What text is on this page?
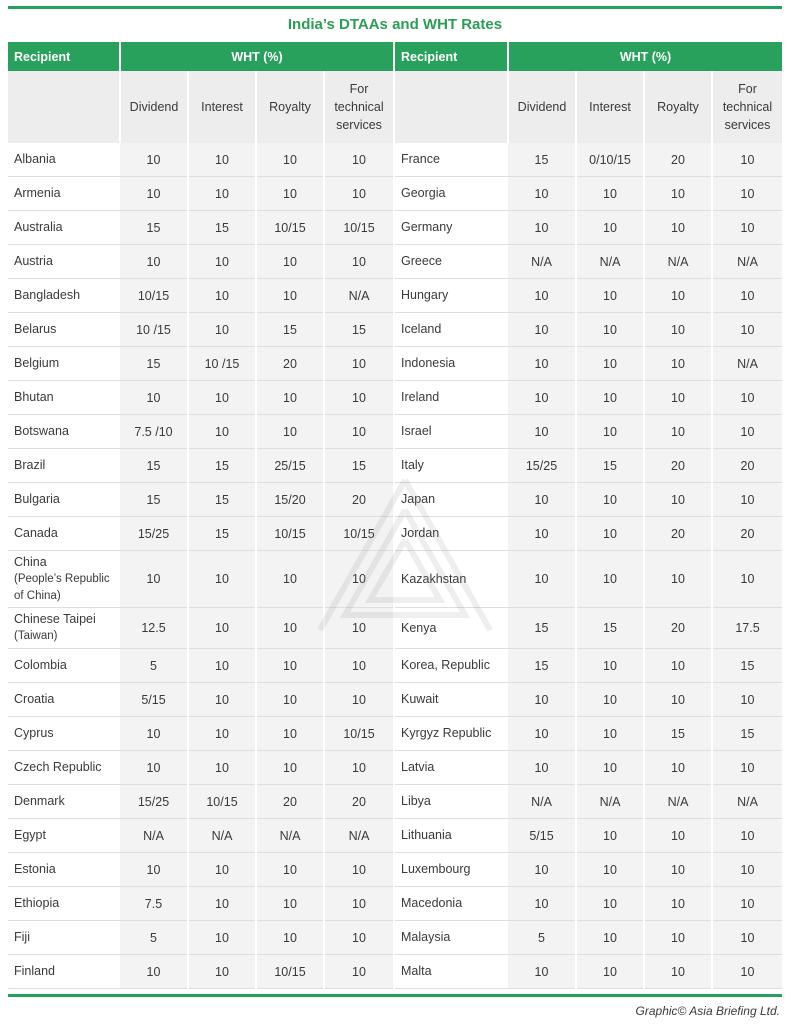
India’s DTAAs and WHT Rates
Recipient	WHT (%)				Recipient	WHT (%)			
	Dividend	Interest	Royalty	For technical services		Dividend	Interest	Royalty	For technical services

Albania	10	10	10	10	France	15	0/10/15	20	10

Armenia	10	10	10	10	Georgia	10	10	10	10

Australia	15	15	10/15	10/15	Germany	10	10	10	10

Austria	10	10	10	10	Greece	N/A	N/A	N/A	N/A

Bangladesh	10/15	10	10	N/A	Hungary	10	10	10	10

Belarus	10 /15	10	15	15	Iceland	10	10	10	10

Belgium	15	10 /15	20	10	Indonesia	10	10	10	N/A

Bhutan	10	10	10	10	Ireland	10	10	10	10

Botswana	7.5 /10	10	10	10	Israel	10	10	10	10

Brazil	15	15	25/15	15	Italy	15/25	15	20	20

Bulgaria	15	15	15/20	20	Japan	10	10	10	10

Canada	15/25	15	10/15	10/15	Jordan	10	10	20	20

China
(People’s Republic of China)	10	10	10	10	Kazakhstan	10	10	10	10

Chinese Taipei
(Taiwan)	12.5	10	10	10	Kenya	15	15	20	17.5

Colombia	5	10	10	10	Korea, Republic	15	10	10	15

Croatia	5/15	10	10	10	Kuwait	10	10	10	10

Cyprus	10	10	10	10/15	Kyrgyz Republic	10	10	15	15

Czech Republic	10	10	10	10	Latvia	10	10	10	10

Denmark	15/25	10/15	20	20	Libya	N/A	N/A	N/A	N/A

Egypt	N/A	N/A	N/A	N/A	Lithuania	5/15	10	10	10

Estonia	10	10	10	10	Luxembourg	10	10	10	10

Ethiopia	7.5	10	10	10	Macedonia	10	10	10	10

Fiji	5	10	10	10	Malaysia	5	10	10	10

Finland	10	10	10/15	10	Malta	10	10	10	10
Graphic© Asia Briefing Ltd.
